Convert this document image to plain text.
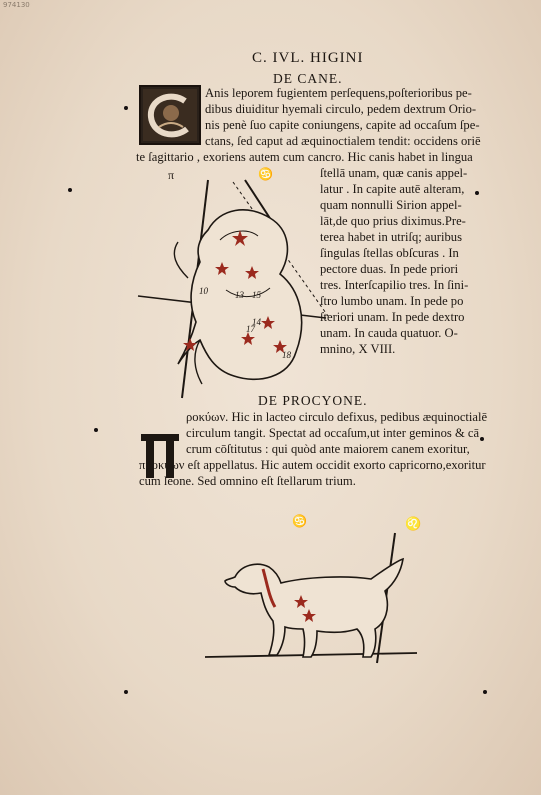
974130
C. IVL. HIGINI
DE CANE.
Anis leporem fugientem perſequens,poſterioribus pe-
dibus diuiditur hyemali circulo, pedem dextrum Orio-
nis penè ſuo capite coniungens, capite ad occaſum ſpe-
ctans, ſed caput ad æquinoctialem tendit: occidens oriē
te ſagittario , exoriens autem cum cancro. Hic canis habet in lingua
ſtellā unam, quæ canis appel-
latur . In capite autē alteram,
quam nonnulli Sirion appel-
lāt,de quo prius diximus.Pre-
terea habet in utriſq; auribus
ſingulas ſtellas obſcuras . In
pectore duas. In pede priori
tres. Interſcapilio tres. In ſini-
ſtro lumbo unam. In pede po
ſteriori unam. In pede dextro
unam. In cauda quatuor. O-
mnino, X VIII.
π	♋
10	13
14
15
17
18
DE PROCYONE.
ροκύων. Hic in lacteo circulo defixus, pedibus æquinoctialē
circulum tangit. Spectat ad occaſum,ut inter geminos & cā
crum cōſtitutus : qui quòd ante maiorem canem exoritur,
προκύων eſt appellatus. Hic autem occidit exorto capricorno,exoritur
cum leone. Sed omnino eſt ſtellarum trium.
♋	♌
